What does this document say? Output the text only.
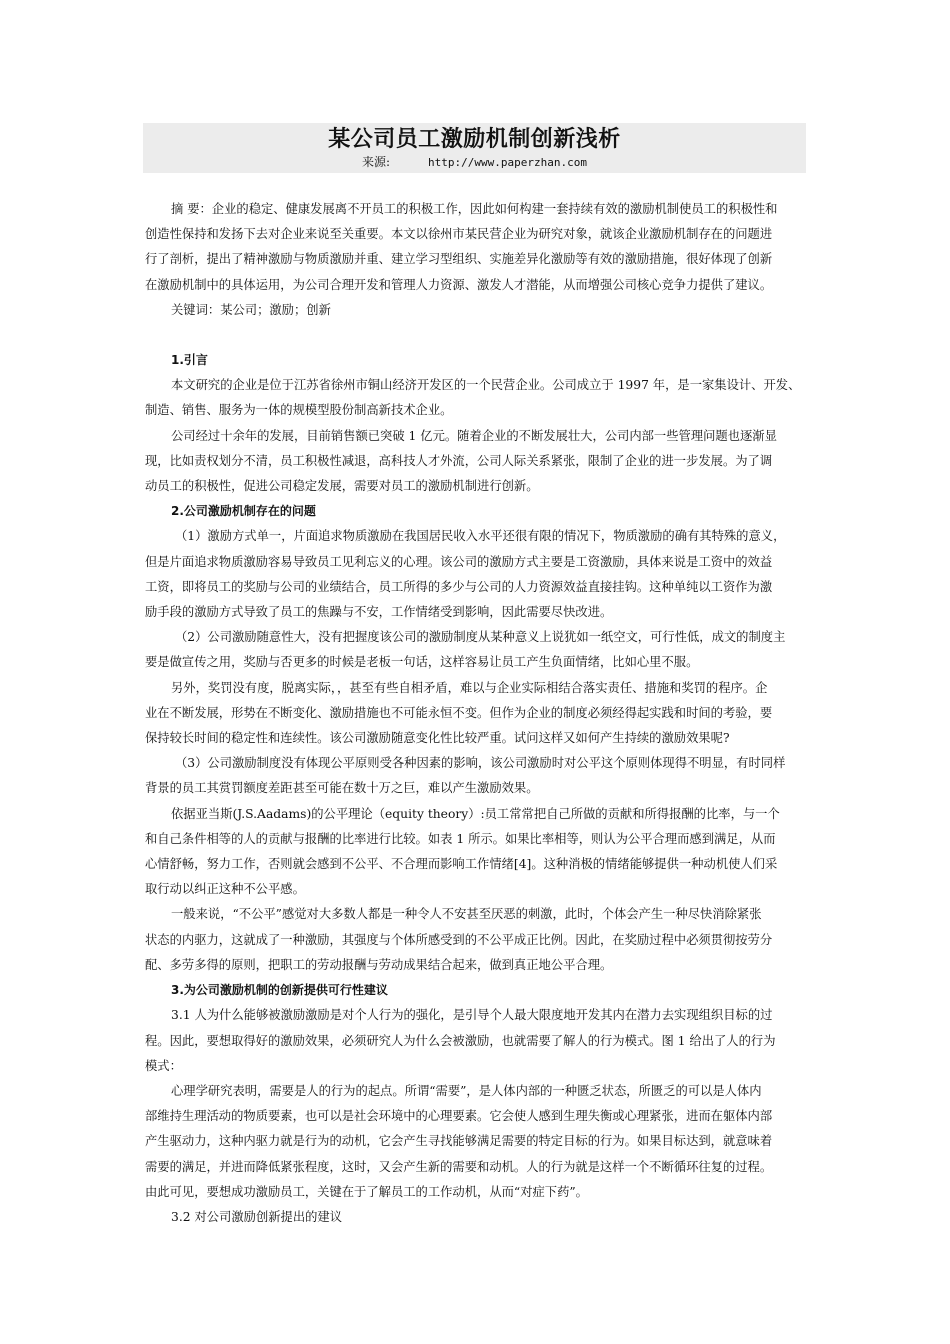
某公司员工激励机制创新浅析
来源:	http://www.paperzhan.com

摘 要：企业的稳定、健康发展离不开员工的积极工作，因此如何构建一套持续有效的激励机制使员工的积极性和

创造性保持和发扬下去对企业来说至关重要。本文以徐州市某民营企业为研究对象，就该企业激励机制存在的问题进

行了剖析，提出了精神激励与物质激励并重、建立学习型组织、实施差异化激励等有效的激励措施，很好体现了创新

在激励机制中的具体运用，为公司合理开发和管理人力资源、激发人才潜能，从而增强公司核心竞争力提供了建议。

关键词：某公司；激励；创新

1.引言

本文研究的企业是位于江苏省徐州市铜山经济开发区的一个民营企业。公司成立于 1997 年，是一家集设计、开发、

制造、销售、服务为一体的规模型股份制高新技术企业。

公司经过十余年的发展，目前销售额已突破 1 亿元。随着企业的不断发展壮大，公司内部一些管理问题也逐渐显

现，比如责权划分不清，员工积极性减退，高科技人才外流，公司人际关系紧张，限制了企业的进一步发展。为了调

动员工的积极性，促进公司稳定发展，需要对员工的激励机制进行创新。

2.公司激励机制存在的问题

（1）激励方式单一，片面追求物质激励在我国居民收入水平还很有限的情况下，物质激励的确有其特殊的意义，

但是片面追求物质激励容易导致员工见利忘义的心理。该公司的激励方式主要是工资激励，具体来说是工资中的效益

工资，即将员工的奖励与公司的业绩结合，员工所得的多少与公司的人力资源效益直接挂钩。这种单纯以工资作为激

励手段的激励方式导致了员工的焦躁与不安，工作情绪受到影响，因此需要尽快改进。

（2）公司激励随意性大，没有把握度该公司的激励制度从某种意义上说犹如一纸空文，可行性低，成文的制度主

要是做宣传之用，奖励与否更多的时候是老板一句话，这样容易让员工产生负面情绪，比如心里不服。

另外，奖罚没有度，脱离实际，，甚至有些自相矛盾，难以与企业实际相结合落实责任、措施和奖罚的程序。企

业在不断发展，形势在不断变化、激励措施也不可能永恒不变。但作为企业的制度必须经得起实践和时间的考验，要

保持较长时间的稳定性和连续性。该公司激励随意变化性比较严重。试问这样又如何产生持续的激励效果呢?

（3）公司激励制度没有体现公平原则受各种因素的影响，该公司激励时对公平这个原则体现得不明显，有时同样

背景的员工其赏罚额度差距甚至可能在数十万之巨，难以产生激励效果。

依据亚当斯(J.S.Aadams)的公平理论（equity theory）:员工常常把自己所做的贡献和所得报酬的比率，与一个

和自己条件相等的人的贡献与报酬的比率进行比较。如表 1 所示。如果比率相等，则认为公平合理而感到满足，从而

心情舒畅，努力工作，否则就会感到不公平、不合理而影响工作情绪[4]。这种消极的情绪能够提供一种动机使人们采

取行动以纠正这种不公平感。

一般来说，“不公平”感觉对大多数人都是一种令人不安甚至厌恶的刺激，此时，个体会产生一种尽快消除紧张

状态的内驱力，这就成了一种激励，其强度与个体所感受到的不公平成正比例。因此，在奖励过程中必须贯彻按劳分

配、多劳多得的原则，把职工的劳动报酬与劳动成果结合起来，做到真正地公平合理。

3.为公司激励机制的创新提供可行性建议

3.1 人为什么能够被激励激励是对个人行为的强化，是引导个人最大限度地开发其内在潜力去实现组织目标的过

程。因此，要想取得好的激励效果，必须研究人为什么会被激励，也就需要了解人的行为模式。图 1 给出了人的行为

模式：

心理学研究表明，需要是人的行为的起点。所谓“需要”，是人体内部的一种匮乏状态，所匮乏的可以是人体内

部维持生理活动的物质要素，也可以是社会环境中的心理要素。它会使人感到生理失衡或心理紧张，进而在躯体内部

产生驱动力，这种内驱力就是行为的动机，它会产生寻找能够满足需要的特定目标的行为。如果目标达到，就意味着

需要的满足，并进而降低紧张程度，这时，又会产生新的需要和动机。人的行为就是这样一个不断循环往复的过程。

由此可见，要想成功激励员工，关键在于了解员工的工作动机，从而“对症下药”。

3.2 对公司激励创新提出的建议
